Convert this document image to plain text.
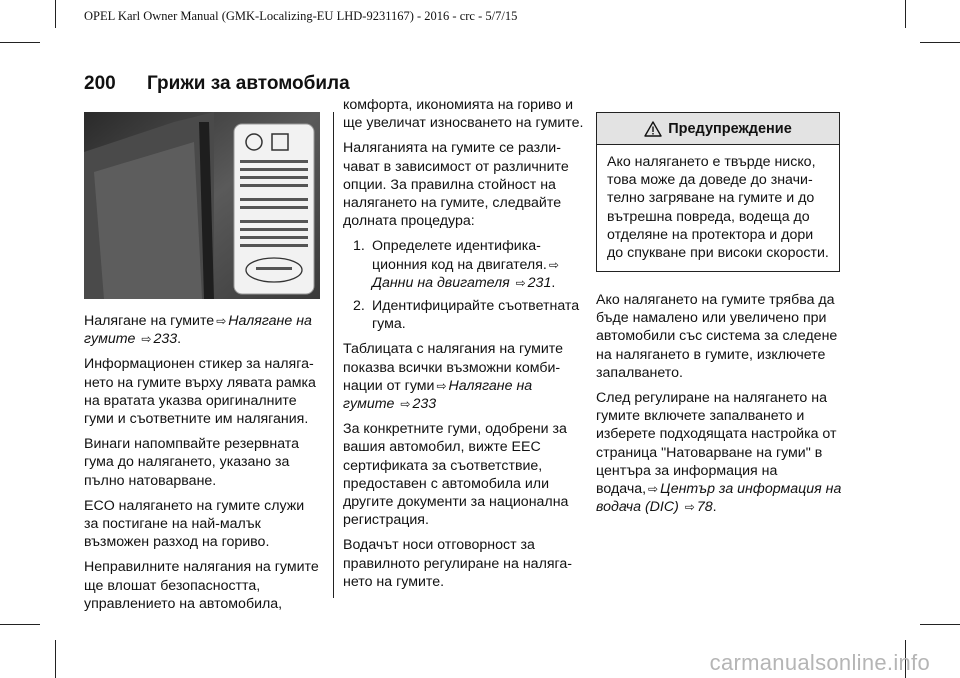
OPEL Karl Owner Manual (GMK-Localizing-EU LHD-9231167) - 2016 - crc - 5/7/15
200 Грижи за автомобила

Налягане на гумите ⇨ Налягане на гумите ⇨ 233.

Информационен стикер за налягането на гумите върху лявата рамка на вратата указва оригиналните гуми и съответните им налягания.

Винаги напомпвайте резервната гума до налягането, указано за пълно натоварване.

ECO налягането на гумите служи за постигане на най-малък възможен разход на гориво.

Неправилните налягания на гумите ще влошат безопасността, управлението на автомобила,

комфорта, икономията на гориво и ще увеличат износването на гумите.

Наляганията на гумите се различават в зависимост от различните опции. За правилна стойност на налягането на гумите, следвайте долната процедура:

1. Определете идентификационния код на двигателя. ⇨
Данни на двигателя ⇨ 231.
2. Идентифицирайте съответната гума.

Таблицата с налягания на гумите показва всички възможни комбинации от гуми ⇨ Налягане на гумите ⇨ 233

За конкретните гуми, одобрени за вашия автомобил, вижте EEC сертификата за съответствие, предоставен с автомобила или другите документи за национална регистрация.

Водачът носи отговорност за правилното регулиране на налягането на гумите.

Предупреждение
Ако налягането е твърде ниско, това може да доведе до значително загряване на гумите и до вътрешна повреда, водеща до отделяне на протектора и дори до спукване при високи скорости.

Ако налягането на гумите трябва да бъде намалено или увеличено при автомобили със система за следене на налягането в гумите, изключете запалването.

След регулиране на налягането на гумите включете запалването и изберете подходящата настройка от страница "Натоварване на гуми" в центъра за информация на водача, ⇨ Център за информация на водача (DIC) ⇨ 78.

carmanualsonline.info
